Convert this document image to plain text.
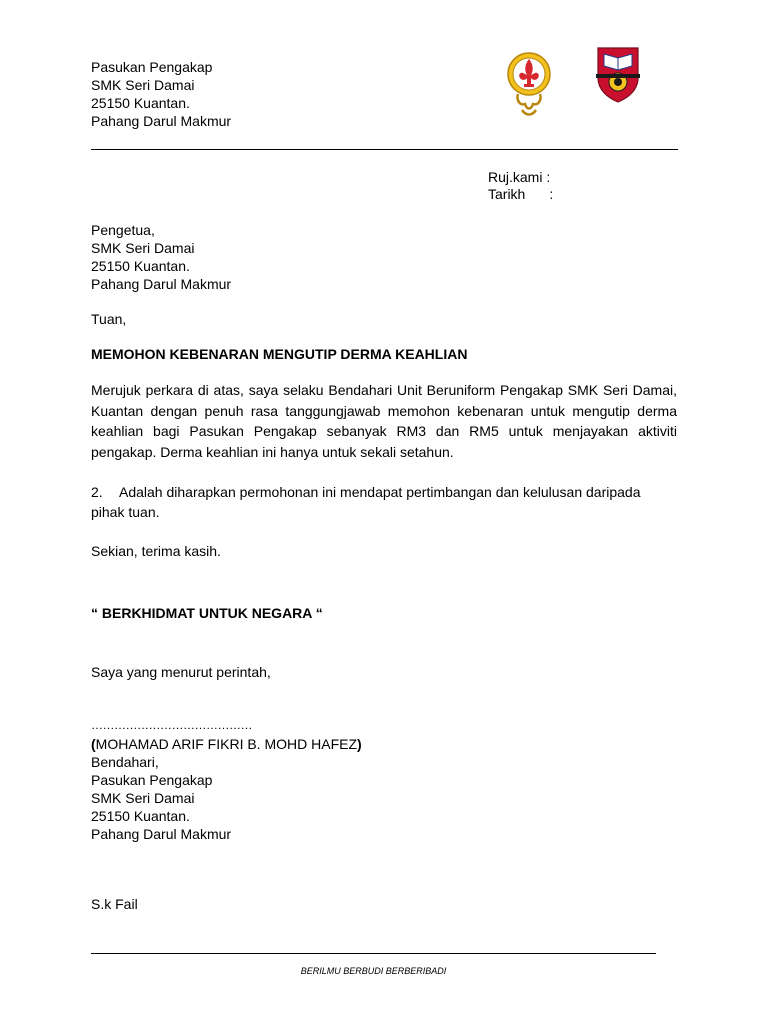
Pasukan Pengakap
SMK Seri Damai
25150 Kuantan.
Pahang Darul Makmur
Ruj.kami :
Tarikh :
Pengetua,
SMK Seri Damai
25150 Kuantan.
Pahang Darul Makmur
Tuan,
MEMOHON KEBENARAN MENGUTIP DERMA KEAHLIAN
Merujuk perkara di atas, saya selaku Bendahari Unit Beruniform Pengakap SMK Seri Damai, Kuantan dengan penuh rasa tanggungjawab memohon kebenaran untuk mengutip derma keahlian bagi Pasukan Pengakap sebanyak RM3 dan RM5 untuk menjayakan aktiviti pengakap. Derma keahlian ini hanya untuk sekali setahun.
2. Adalah diharapkan permohonan ini mendapat pertimbangan dan kelulusan daripada pihak tuan.
Sekian, terima kasih.
“ BERKHIDMAT UNTUK NEGARA “
Saya yang menurut perintah,
……………………………………
(MOHAMAD ARIF FIKRI B. MOHD HAFEZ)
Bendahari,
Pasukan Pengakap
SMK Seri Damai
25150 Kuantan.
Pahang Darul Makmur
S.k Fail
BERILMU BERBUDI BERBERIBADI
